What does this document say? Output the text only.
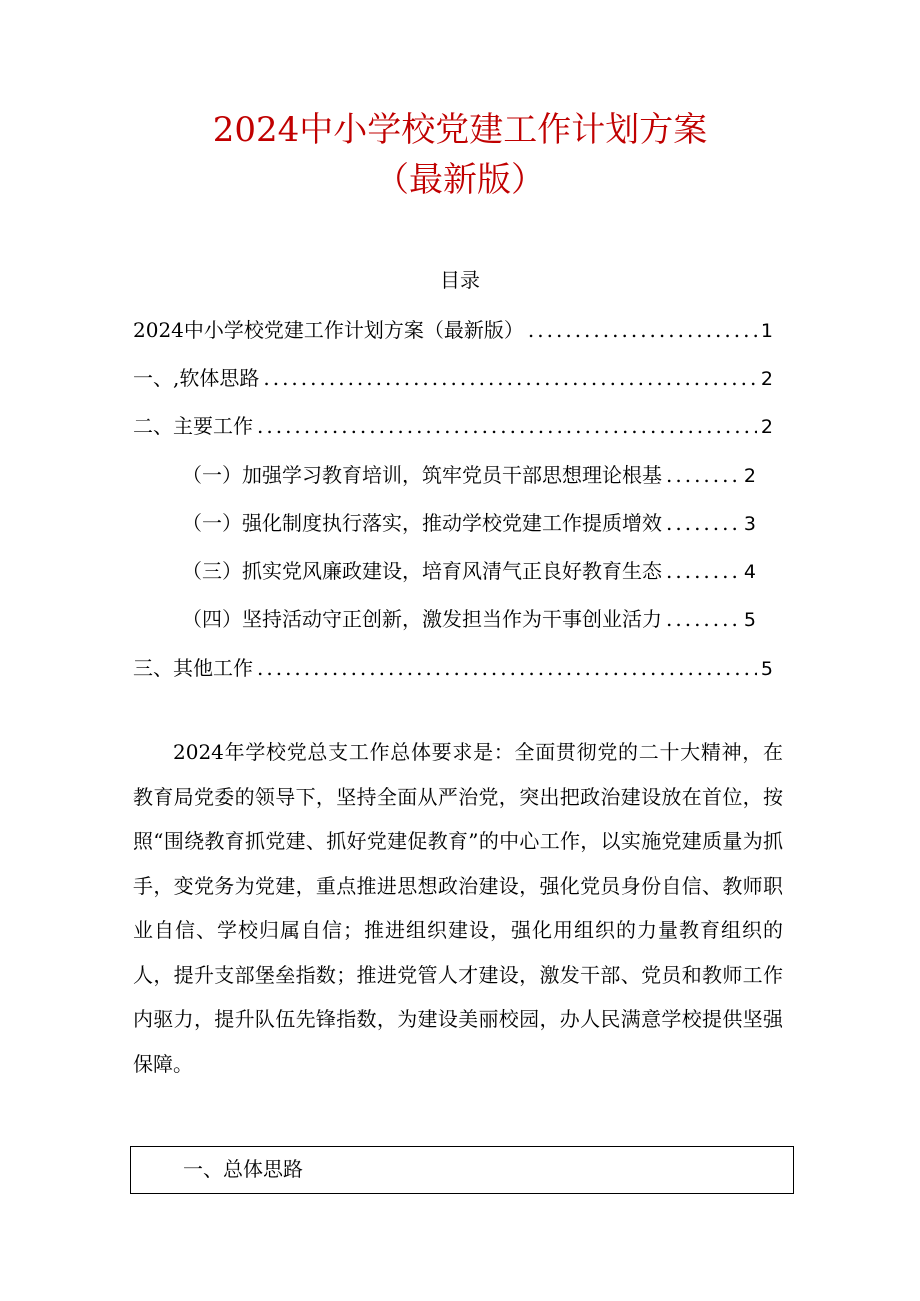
2024中小学校党建工作计划方案
（最新版）
目录
2024中小学校党建工作计划方案（最新版） .....	1
一、,软体思路 .....	2
二、主要工作 .....	2
（一）加强学习教育培训，筑牢党员干部思想理论根基 .....	2
（一）强化制度执行落实，推动学校党建工作提质增效 .....	3
（三）抓实党风廉政建设，培育风清气正良好教育生态 .....	4
（四）坚持活动守正创新，激发担当作为干事创业活力 .....	5
三、其他工作 .....	5

2024年学校党总支工作总体要求是：全面贯彻党的二十大精神，在教育局党委的领导下，坚持全面从严治党，突出把政治建设放在首位，按照“围绕教育抓党建、抓好党建促教育”的中心工作，以实施党建质量为抓手，变党务为党建，重点推进思想政治建设，强化党员身份自信、教师职业自信、学校归属自信；推进组织建设，强化用组织的力量教育组织的人，提升支部堡垒指数；推进党管人才建设，激发干部、党员和教师工作内驱力，提升队伍先锋指数，为建设美丽校园，办人民满意学校提供坚强保障。

一、总体思路
